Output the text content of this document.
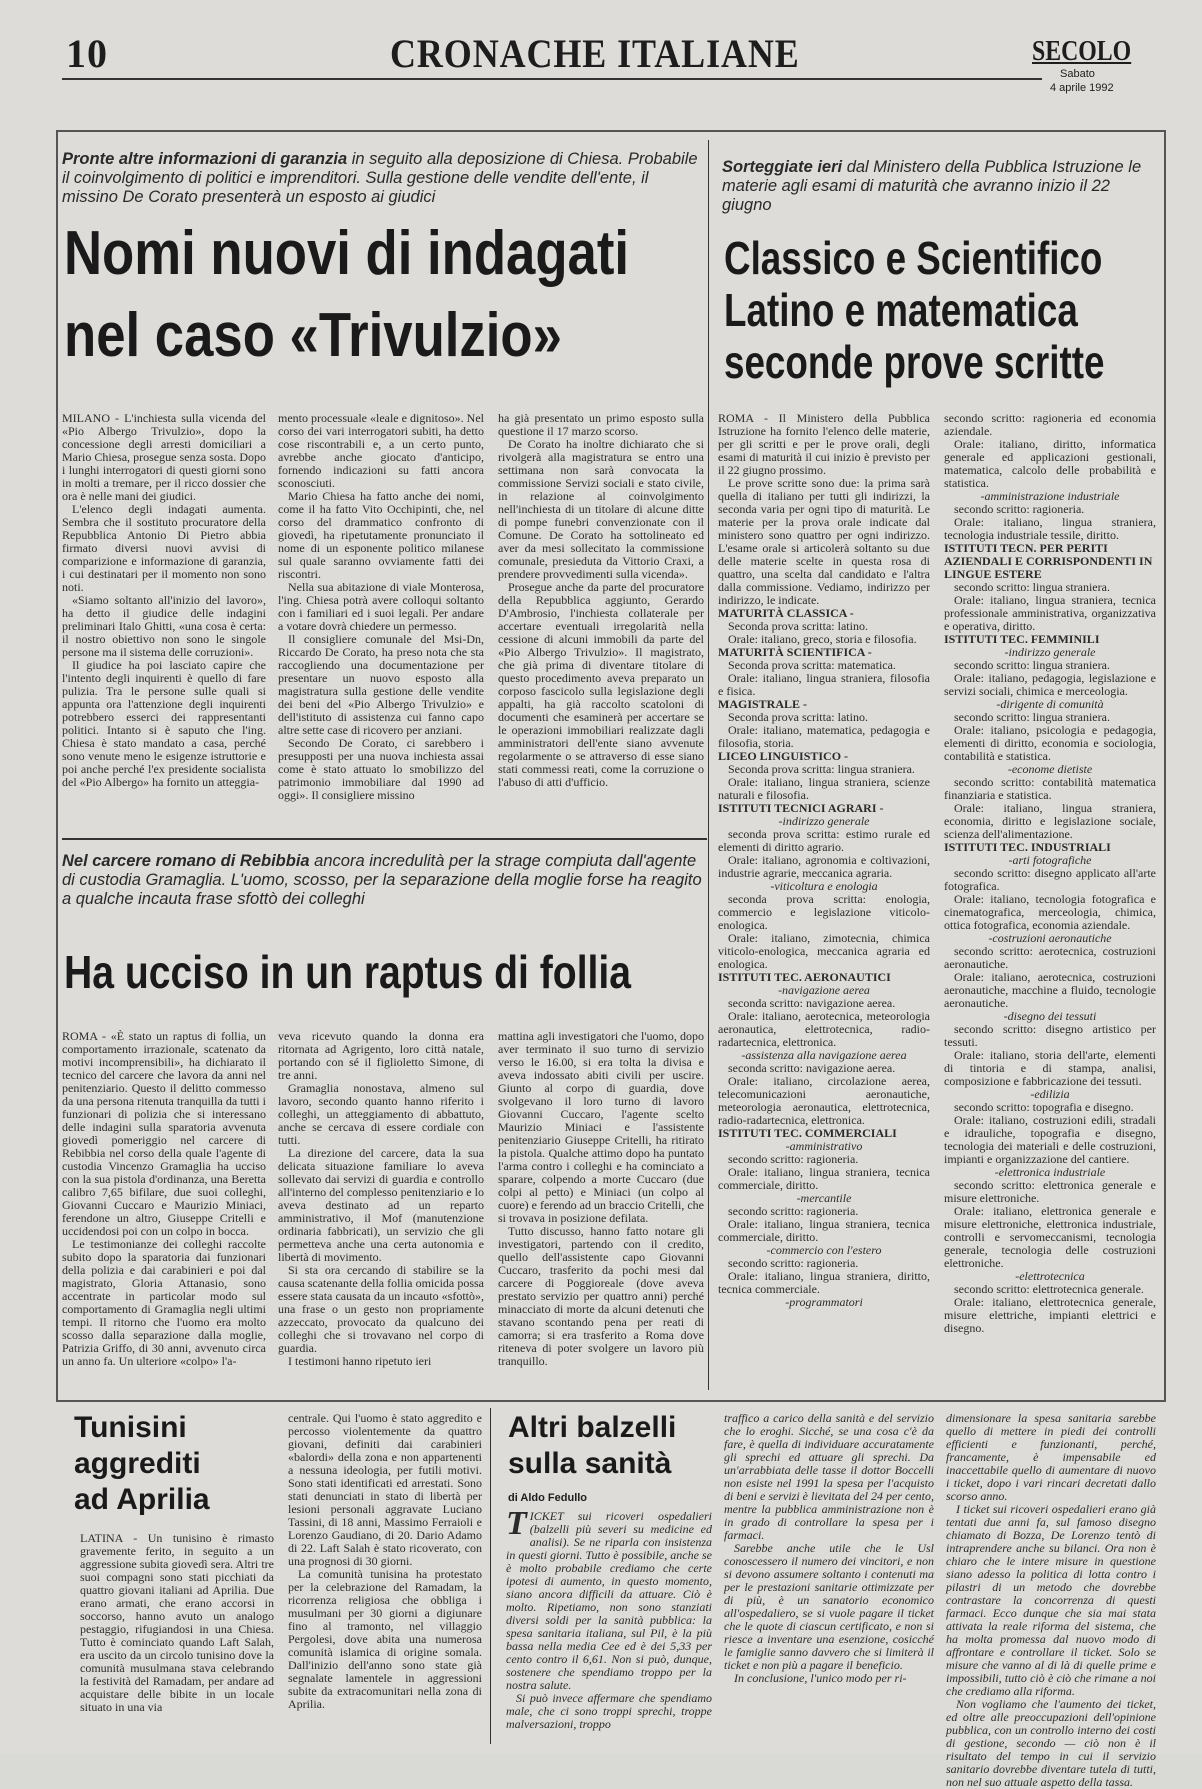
10	CRONACHE ITALIANE	SECOLO
Sabato
4 aprile 1992

Pronte altre informazioni di garanzia in seguito alla deposizione di Chiesa. Probabile il coinvolgimento di politici e imprenditori. Sulla gestione delle vendite dell'ente, il missino De Corato presenterà un esposto ai giudici

Nomi nuovi di indagati
nel caso «Trivulzio»

MILANO - L'inchiesta sulla vicenda del «Pio Albergo Trivulzio», dopo la concessione degli arresti domiciliari a Mario Chiesa, prosegue senza sosta. Dopo i lunghi interrogatori di questi giorni sono in molti a tremare, per il ricco dossier che ora è nelle mani dei giudici.

L'elenco degli indagati aumenta. Sembra che il sostituto procuratore della Repubblica Antonio Di Pietro abbia firmato diversi nuovi avvisi di comparizione e informazione di garanzia, i cui destinatari per il momento non sono noti.

«Siamo soltanto all'inizio del lavoro», ha detto il giudice delle indagini preliminari Italo Ghitti, «una cosa è certa: il nostro obiettivo non sono le singole persone ma il sistema delle corruzioni».

Il giudice ha poi lasciato capire che l'intento degli inquirenti è quello di fare pulizia. Tra le persone sulle quali si appunta ora l'attenzione degli inquirenti potrebbero esserci dei rappresentanti politici. Intanto si è saputo che l'ing. Chiesa è stato mandato a casa, perché sono venute meno le esigenze istruttorie e poi anche perché l'ex presidente socialista del «Pio Albergo» ha fornito un atteggia-

mento processuale «leale e dignitoso». Nel corso dei vari interrogatori subiti, ha detto cose riscontrabili e, a un certo punto, avrebbe anche giocato d'anticipo, fornendo indicazioni su fatti ancora sconosciuti.

Mario Chiesa ha fatto anche dei nomi, come il ha fatto Vito Occhipinti, che, nel corso del drammatico confronto di giovedì, ha ripetutamente pronunciato il nome di un esponente politico milanese sul quale saranno ovviamente fatti dei riscontri.

Nella sua abitazione di viale Monterosa, l'ing. Chiesa potrà avere colloqui soltanto con i familiari ed i suoi legali. Per andare a votare dovrà chiedere un permesso.

Il consigliere comunale del Msi-Dn, Riccardo De Corato, ha preso nota che sta raccogliendo una documentazione per presentare un nuovo esposto alla magistratura sulla gestione delle vendite dei beni del «Pio Albergo Trivulzio» e dell'istituto di assistenza cui fanno capo altre sette case di ricovero per anziani.

Secondo De Corato, ci sarebbero i presupposti per una nuova inchiesta assai come è stato attuato lo smobilizzo del patrimonio immobiliare dal 1990 ad oggi». Il consigliere missino

ha già presentato un primo esposto sulla questione il 17 marzo scorso.

De Corato ha inoltre dichiarato che si rivolgerà alla magistratura se entro una settimana non sarà convocata la commissione Servizi sociali e stato civile, in relazione al coinvolgimento nell'inchiesta di un titolare di alcune ditte di pompe funebri convenzionate con il Comune. De Corato ha sottolineato ed aver da mesi sollecitato la commissione comunale, presieduta da Vittorio Craxi, a prendere provvedimenti sulla vicenda».

Prosegue anche da parte del procuratore della Repubblica aggiunto, Gerardo D'Ambrosio, l'inchiesta collaterale per accertare eventuali irregolarità nella cessione di alcuni immobili da parte del «Pio Albergo Trivulzio». Il magistrato, che già prima di diventare titolare di questo procedimento aveva preparato un corposo fascicolo sulla legislazione degli appalti, ha già raccolto scatoloni di documenti che esaminerà per accertare se le operazioni immobiliari realizzate dagli amministratori dell'ente siano avvenute regolarmente o se attraverso di esse siano stati commessi reati, come la corruzione o l'abuso di atti d'ufficio.

Nel carcere romano di Rebibbia ancora incredulità per la strage compiuta dall'agente di custodia Gramaglia. L'uomo, scosso, per la separazione della moglie forse ha reagito a qualche incauta frase sfottò dei colleghi

Ha ucciso in un raptus di follia

ROMA - «È stato un raptus di follia, un comportamento irrazionale, scatenato da motivi incomprensibili», ha dichiarato il tecnico del carcere che lavora da anni nel penitenziario. Questo il delitto commesso da una persona ritenuta tranquilla da tutti i funzionari di polizia che si interessano delle indagini sulla sparatoria avvenuta giovedì pomeriggio nel carcere di Rebibbia nel corso della quale l'agente di custodia Vincenzo Gramaglia ha ucciso con la sua pistola d'ordinanza, una Beretta calibro 7,65 bifilare, due suoi colleghi, Giovanni Cuccaro e Maurizio Miniaci, ferendone un altro, Giuseppe Critelli e uccidendosi poi con un colpo in bocca.

Le testimonianze dei colleghi raccolte subito dopo la sparatoria dai funzionari della polizia e dai carabinieri e poi dal magistrato, Gloria Attanasio, sono accentrate in particolar modo sul comportamento di Gramaglia negli ultimi tempi. Il ritorno che l'uomo era molto scosso dalla separazione dalla moglie, Patrizia Griffo, di 30 anni, avvenuto circa un anno fa. Un ulteriore «colpo» l'a-

veva ricevuto quando la donna era ritornata ad Agrigento, loro città natale, portando con sé il figlioletto Simone, di tre anni.

Gramaglia nonostava, almeno sul lavoro, secondo quanto hanno riferito i colleghi, un atteggiamento di abbattuto, anche se cercava di essere cordiale con tutti.

La direzione del carcere, data la sua delicata situazione familiare lo aveva sollevato dai servizi di guardia e controllo all'interno del complesso penitenziario e lo aveva destinato ad un reparto amministrativo, il Mof (manutenzione ordinaria fabbricati), un servizio che gli permetteva anche una certa autonomia e libertà di movimento.

Si sta ora cercando di stabilire se la causa scatenante della follia omicida possa essere stata causata da un incauto «sfottò», una frase o un gesto non propriamente azzeccato, provocato da qualcuno dei colleghi che si trovavano nel corpo di guardia.

I testimoni hanno ripetuto ieri

mattina agli investigatori che l'uomo, dopo aver terminato il suo turno di servizio verso le 16.00, si era tolta la divisa e aveva indossato abiti civili per uscire. Giunto al corpo di guardia, dove svolgevano il loro turno di lavoro Giovanni Cuccaro, l'agente scelto Maurizio Miniaci e l'assistente penitenziario Giuseppe Critelli, ha ritirato la pistola. Qualche attimo dopo ha puntato l'arma contro i colleghi e ha cominciato a sparare, colpendo a morte Cuccaro (due colpi al petto) e Miniaci (un colpo al cuore) e ferendo ad un braccio Critelli, che si trovava in posizione defilata.

Tutto discusso, hanno fatto notare gli investigatori, partendo con il credito, quello dell'assistente capo Giovanni Cuccaro, trasferito da pochi mesi dal carcere di Poggioreale (dove aveva prestato servizio per quattro anni) perché minacciato di morte da alcuni detenuti che stavano scontando pena per reati di camorra; si era trasferito a Roma dove riteneva di poter svolgere un lavoro più tranquillo.

Sorteggiate ieri dal Ministero della Pubblica Istruzione le materie agli esami di maturità che avranno inizio il 22 giugno

Classico e Scientifico
Latino e matematica
seconde prove scritte

ROMA - Il Ministero della Pubblica Istruzione ha fornito l'elenco delle materie, per gli scritti e per le prove orali, degli esami di maturità il cui inizio è previsto per il 22 giugno prossimo.

Le prove scritte sono due: la prima sarà quella di italiano per tutti gli indirizzi, la seconda varia per ogni tipo di maturità. Le materie per la prova orale indicate dal ministero sono quattro per ogni indirizzo. L'esame orale si articolerà soltanto su due delle materie scelte in questa rosa di quattro, una scelta dal candidato e l'altra dalla commissione. Vediamo, indirizzo per indirizzo, le indicate.

MATURITÀ CLASSICA -

Seconda prova scritta: latino.

Orale: italiano, greco, storia e filosofia.

MATURITÀ SCIENTIFICA -

Seconda prova scritta: matematica.

Orale: italiano, lingua straniera, filosofia e fisica.

MAGISTRALE -

Seconda prova scritta: latino.

Orale: italiano, matematica, pedagogia e filosofia, storia.

LICEO LINGUISTICO -

Seconda prova scritta: lingua straniera.

Orale: italiano, lingua straniera, scienze naturali e filosofia.

ISTITUTI TECNICI AGRARI -

-indirizzo generale

seconda prova scritta: estimo rurale ed elementi di diritto agrario.

Orale: italiano, agronomia e coltivazioni, industrie agrarie, meccanica agraria.

-viticoltura e enologia

seconda prova scritta: enologia, commercio e legislazione viticolo-enologica.

Orale: italiano, zimotecnia, chimica viticolo-enologica, meccanica agraria ed enologica.

ISTITUTI TEC. AERONAUTICI

-navigazione aerea

seconda scritto: navigazione aerea.

Orale: italiano, aerotecnica, meteorologia aeronautica, elettrotecnica, radio-radartecnica, elettronica.

-assistenza alla navigazione aerea

seconda scritto: navigazione aerea.

Orale: italiano, circolazione aerea, telecomunicazioni aeronautiche, meteorologia aeronautica, elettrotecnica, radio-radartecnica, elettronica.

ISTITUTI TEC. COMMERCIALI

-amministrativo

secondo scritto: ragioneria.

Orale: italiano, lingua straniera, tecnica commerciale, diritto.

-mercantile

secondo scritto: ragioneria.

Orale: italiano, lingua straniera, tecnica commerciale, diritto.

-commercio con l'estero

secondo scritto: ragioneria.

Orale: italiano, lingua straniera, diritto, tecnica commerciale.

-programmatori

secondo scritto: ragioneria ed economia aziendale.

Orale: italiano, diritto, informatica generale ed applicazioni gestionali, matematica, calcolo delle probabilità e statistica.

-amministrazione industriale

secondo scritto: ragioneria.

Orale: italiano, lingua straniera, tecnologia industriale tessile, diritto.

ISTITUTI TECN. PER PERITI AZIENDALI E CORRISPONDENTI IN LINGUE ESTERE

secondo scritto: lingua straniera.

Orale: italiano, lingua straniera, tecnica professionale amministrativa, organizzativa e operativa, diritto.

ISTITUTI TEC. FEMMINILI

-indirizzo generale

secondo scritto: lingua straniera.

Orale: italiano, pedagogia, legislazione e servizi sociali, chimica e merceologia.

-dirigente di comunità

secondo scritto: lingua straniera.

Orale: italiano, psicologia e pedagogia, elementi di diritto, economia e sociologia, contabilità e statistica.

-econome dietiste

secondo scritto: contabilità matematica finanziaria e statistica.

Orale: italiano, lingua straniera, economia, diritto e legislazione sociale, scienza dell'alimentazione.

ISTITUTI TEC. INDUSTRIALI

-arti fotografiche

secondo scritto: disegno applicato all'arte fotografica.

Orale: italiano, tecnologia fotografica e cinematografica, merceologia, chimica, ottica fotografica, economia aziendale.

-costruzioni aeronautiche

secondo scritto: aerotecnica, costruzioni aeronautiche.

Orale: italiano, aerotecnica, costruzioni aeronautiche, macchine a fluido, tecnologie aeronautiche.

-disegno dei tessuti

secondo scritto: disegno artistico per tessuti.

Orale: italiano, storia dell'arte, elementi di tintoria e di stampa, analisi, composizione e fabbricazione dei tessuti.

-edilizia

secondo scritto: topografia e disegno.

Orale: italiano, costruzioni edili, stradali e idrauliche, topografia e disegno, tecnologia dei materiali e delle costruzioni, impianti e organizzazione del cantiere.

-elettronica industriale

secondo scritto: elettronica generale e misure elettroniche.

Orale: italiano, elettronica generale e misure elettroniche, elettronica industriale, controlli e servomeccanismi, tecnologia generale, tecnologia delle costruzioni elettroniche.

-elettrotecnica

secondo scritto: elettrotecnica generale.

Orale: italiano, elettrotecnica generale, misure elettriche, impianti elettrici e disegno.

Tunisini
aggrediti
ad Aprilia

LATINA - Un tunisino è rimasto gravemente ferito, in seguito a un aggressione subita giovedì sera. Altri tre suoi compagni sono stati picchiati da quattro giovani italiani ad Aprilia. Due erano armati, che erano accorsi in soccorso, hanno avuto un analogo pestaggio, rifugiandosi in una Chiesa. Tutto è cominciato quando Laft Salah, era uscito da un circolo tunisino dove la comunità musulmana stava celebrando la festività del Ramadam, per andare ad acquistare delle bibite in un locale situato in una via

centrale. Qui l'uomo è stato aggredito e percosso violentemente da quattro giovani, definiti dai carabinieri «balordi» della zona e non appartenenti a nessuna ideologia, per futili motivi. Sono stati identificati ed arrestati. Sono stati denunciati in stato di libertà per lesioni personali aggravate Luciano Tassini, di 18 anni, Massimo Ferraioli e Lorenzo Gaudiano, di 20. Dario Adamo di 22. Laft Salah è stato ricoverato, con una prognosi di 30 giorni.

La comunità tunisina ha protestato per la celebrazione del Ramadam, la ricorrenza religiosa che obbliga i musulmani per 30 giorni a digiunare fino al tramonto, nel villaggio Pergolesi, dove abita una numerosa comunità islamica di origine somala. Dall'inizio dell'anno sono state già segnalate lamentele in aggressioni subite da extracomunitari nella zona di Aprilia.

Altri balzelli
sulla sanità
di Aldo Fedullo

TICKET sui ricoveri ospedalieri (balzelli più severi su medicine ed analisi). Se ne riparla con insistenza in questi giorni. Tutto è possibile, anche se è molto probabile crediamo che certe ipotesi di aumento, in questo momento, siano ancora difficili da attuare. Ciò è molto. Ripetiamo, non sono stanziati diversi soldi per la sanità pubblica: la spesa sanitaria italiana, sul Pil, è la più bassa nella media Cee ed è dei 5,33 per cento contro il 6,61. Non si può, dunque, sostenere che spendiamo troppo per la nostra salute.

Si può invece affermare che spendiamo male, che ci sono troppi sprechi, troppe malversazioni, troppo

traffico a carico della sanità e del servizio che lo eroghi. Sicché, se una cosa c'è da fare, è quella di individuare accuratamente gli sprechi ed attuare gli sprechi. Da un'arrabbiata delle tasse il dottor Boccelli non esiste nel 1991 la spesa per l'acquisto di beni e servizi è lievitata del 24 per cento, mentre la pubblica amministrazione non è in grado di controllare la spesa per i farmaci.

Sarebbe anche utile che le Usl conoscessero il numero dei vincitori, e non si devono assumere soltanto i contenuti ma per le prestazioni sanitarie ottimizzate per di più, è un sanatorio economico all'ospedaliero, se si vuole pagare il ticket che le quote di ciascun certificato, e non si riesce a inventare una esenzione, cosicché le famiglie sanno davvero che si limiterà il ticket e non più a pagare il beneficio.

In conclusione, l'unico modo per ri-

dimensionare la spesa sanitaria sarebbe quello di mettere in piedi dei controlli efficienti e funzionanti, perché, francamente, è impensabile ed inaccettabile quello di aumentare di nuovo i ticket, dopo i vari rincari decretati dallo scorso anno.

I ticket sui ricoveri ospedalieri erano già tentati due anni fa, sul famoso disegno chiamato di Bozza, De Lorenzo tentò di intraprendere anche su bilanci. Ora non è chiaro che le intere misure in questione siano adesso la politica di lotta contro i pilastri di un metodo che dovrebbe contrastare la concorrenza di questi farmaci. Ecco dunque che sia mai stata attivata la reale riforma del sistema, che ha molta promessa dal nuovo modo di affrontare e controllare il ticket. Solo se misure che vanno al di là di quelle prime e impossibili, tutto ciò è ciò che rimane a noi che crediamo alla riforma.

Non vogliamo che l'aumento dei ticket, ed oltre alle preoccupazioni dell'opinione pubblica, con un controllo interno dei costi di gestione, secondo — ciò non è il risultato del tempo in cui il servizio sanitario dovrebbe diventare tutela di tutti, non nel suo attuale aspetto della tassa.
